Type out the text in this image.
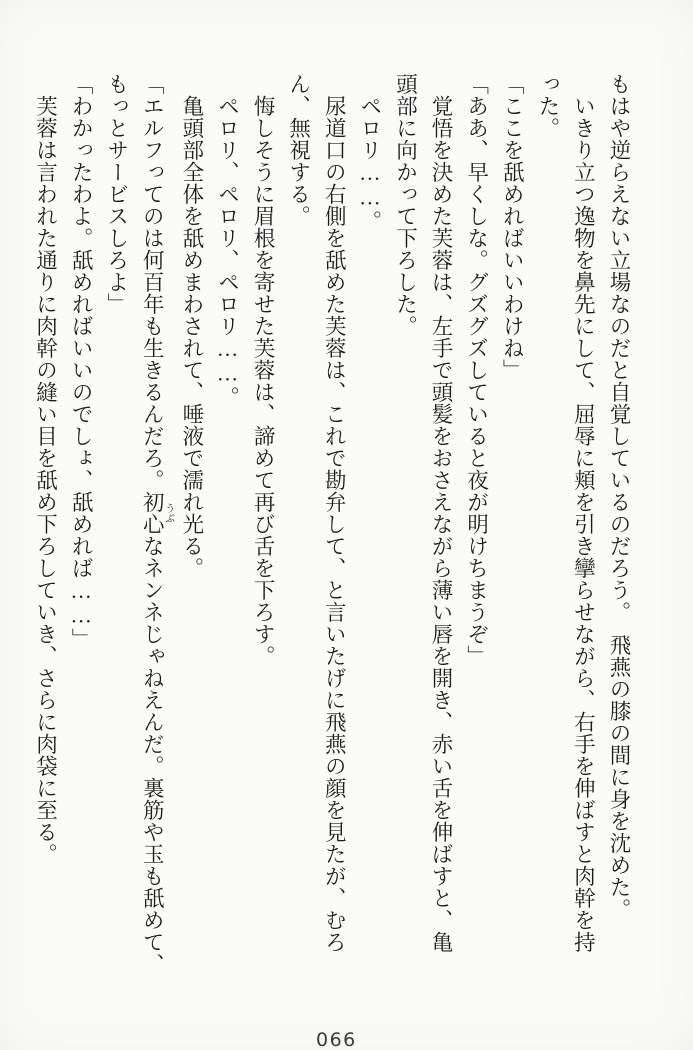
もはや逆らえない立場なのだと自覚しているのだろう。　飛燕の膝の間に身を沈めた。
いきり立つ逸物を鼻先にして、屈辱に頬を引き攣らせながら、右手を伸ばすと肉幹を持
った。
「ここを舐めればいいわけね」
「ああ、早くしな。グズグズしていると夜が明けちまうぞ」
覚悟を決めた芙蓉は、左手で頭髪をおさえながら薄い唇を開き、赤い舌を伸ばすと、亀
頭部に向かって下ろした。
ペロリ……。
尿道口の右側を舐めた芙蓉は、これで勘弁して、と言いたげに飛燕の顔を見たが、むろ
ん、無視する。
悔しそうに眉根を寄せた芙蓉は、諦めて再び舌を下ろす。
ペロリ、ペロリ、ペロリ……。
亀頭部全体を舐めまわされて、唾液で濡れ光る。
「エルフってのは何百年も生きるんだろ。初心うぶなネンネじゃねえんだ。裏筋や玉も舐めて、
もっとサービスしろよ」
「わかったわよ。舐めればいいのでしょ、舐めれば……」
芙蓉は言われた通りに肉幹の縫い目を舐め下ろしていき、さらに肉袋に至る。
066
